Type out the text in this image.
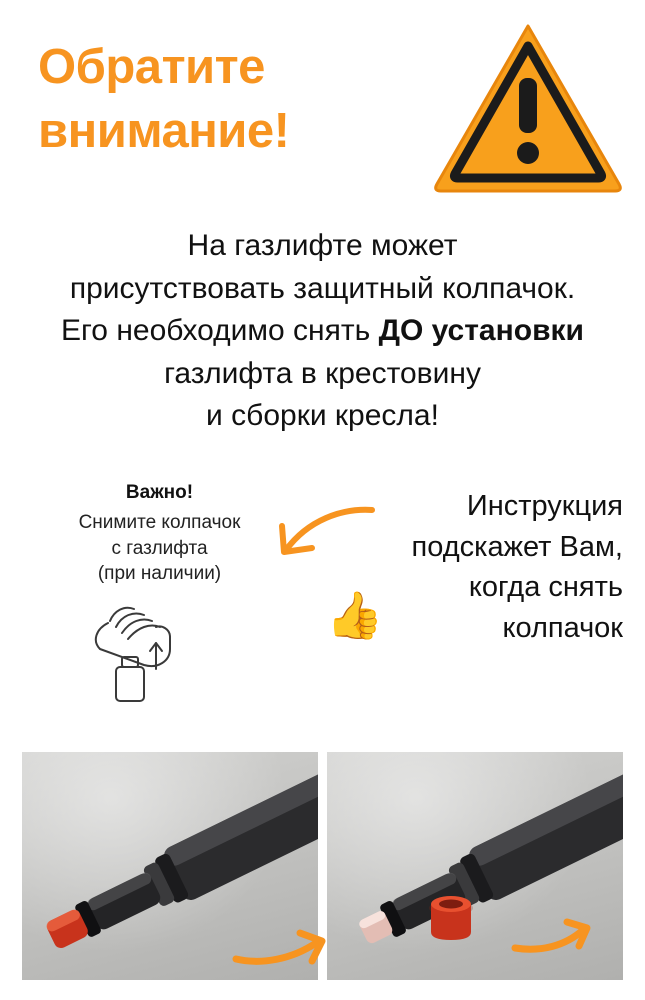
Обратите
внимание!
На газлифте может
присутствовать защитный колпачок.
Его необходимо снять ДО установки
газлифта в крестовину
и сборки кресла!
Важно!
Снимите колпачок
с газлифта
(при наличии)
Инструкция
подскажет Вам,
когда снять
колпачок
👍
